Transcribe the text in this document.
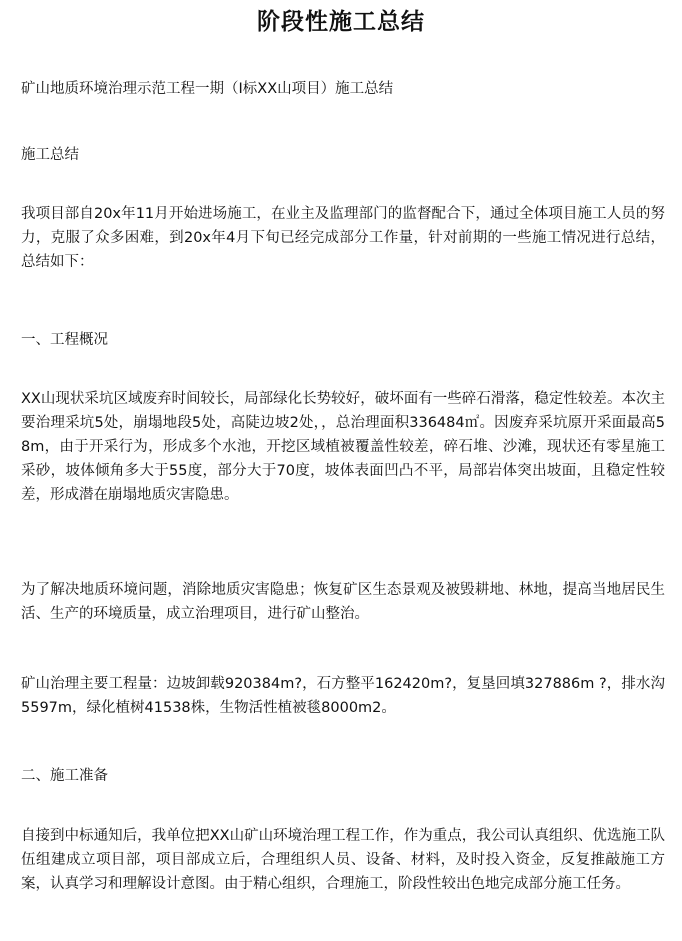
阶段性施工总结
矿山地质环境治理示范工程一期（Ⅰ标XX山项目）施工总结
施工总结
我项目部自20x年11月开始进场施工，在业主及监理部门的监督配合下，通过全体项目施工人员的努力，克服了众多困难，到20x年4月下旬已经完成部分工作量，针对前期的一些施工情况进行总结，总结如下：
一、工程概况
XX山现状采坑区域废弃时间较长，局部绿化长势较好，破坏面有一些碎石滑落，稳定性较差。本次主要治理采坑5处，崩塌地段5处，高陡边坡2处，，总治理面积336484㎡。因废弃采坑原开采面最高58m，由于开采行为，形成多个水池，开挖区域植被覆盖性较差，碎石堆、沙滩，现状还有零星施工采砂，坡体倾角多大于55度，部分大于70度，坡体表面凹凸不平，局部岩体突出坡面，且稳定性较差，形成潜在崩塌地质灾害隐患。
为了解决地质环境问题，消除地质灾害隐患；恢复矿区生态景观及被毁耕地、林地，提高当地居民生活、生产的环境质量，成立治理项目，进行矿山整治。
矿山治理主要工程量：边坡卸载920384m?，石方整平162420m?，复垦回填327886m ?，排水沟5597m，绿化植树41538株，生物活性植被毯8000m2。
二、施工准备
自接到中标通知后，我单位把XX山矿山环境治理工程工作，作为重点，我公司认真组织、优选施工队伍组建成立项目部，项目部成立后，合理组织人员、设备、材料，及时投入资金，反复推敲施工方案，认真学习和理解设计意图。由于精心组织，合理施工，阶段性较出色地完成部分施工任务。
